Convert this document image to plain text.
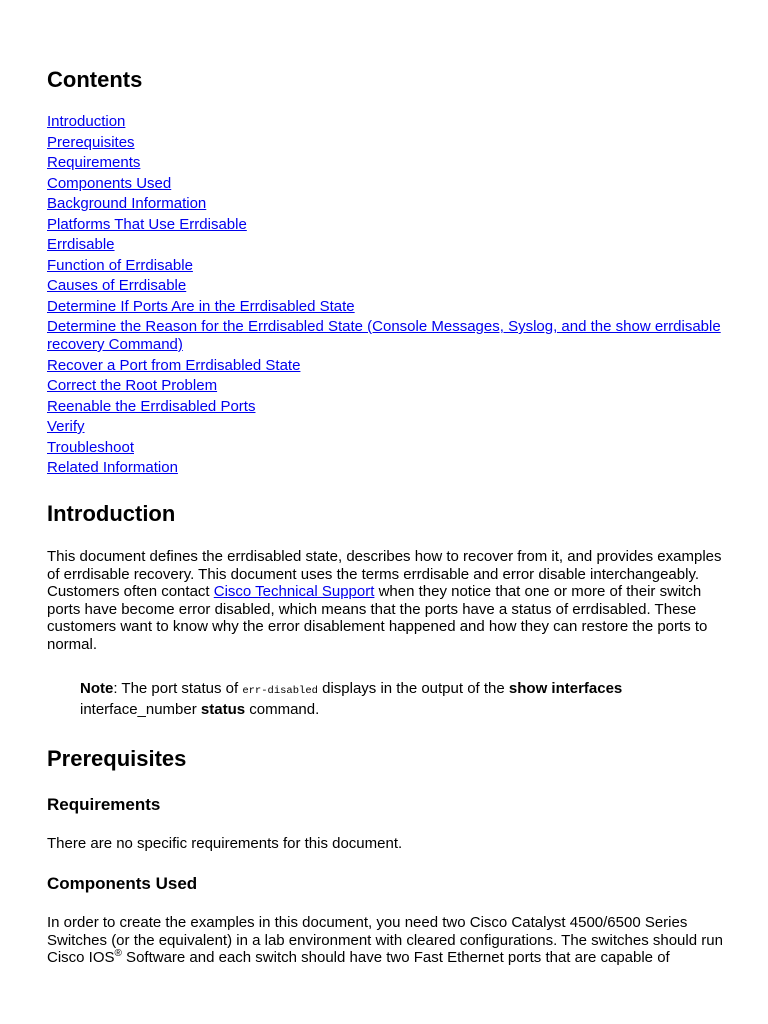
Contents
Introduction
Prerequisites
Requirements
Components Used
Background Information
Platforms That Use Errdisable
Errdisable
Function of Errdisable
Causes of Errdisable
Determine If Ports Are in the Errdisabled State
Determine the Reason for the Errdisabled State (Console Messages, Syslog, and the show errdisable recovery Command)
Recover a Port from Errdisabled State
Correct the Root Problem
Reenable the Errdisabled Ports
Verify
Troubleshoot
Related Information
Introduction

This document defines the errdisabled state, describes how to recover from it, and provides examples of errdisable recovery. This document uses the terms errdisable and error disable interchangeably. Customers often contact Cisco Technical Support when they notice that one or more of their switch ports have become error disabled, which means that the ports have a status of errdisabled. These customers want to know why the error disablement happened and how they can restore the ports to normal.

Note: The port status of err-disabled displays in the output of the show interfaces interface_number status command.

Prerequisites
Requirements

There are no specific requirements for this document.

Components Used

In order to create the examples in this document, you need two Cisco Catalyst 4500/6500 Series Switches (or the equivalent) in a lab environment with cleared configurations. The switches should run Cisco IOS® Software and each switch should have two Fast Ethernet ports that are capable of
